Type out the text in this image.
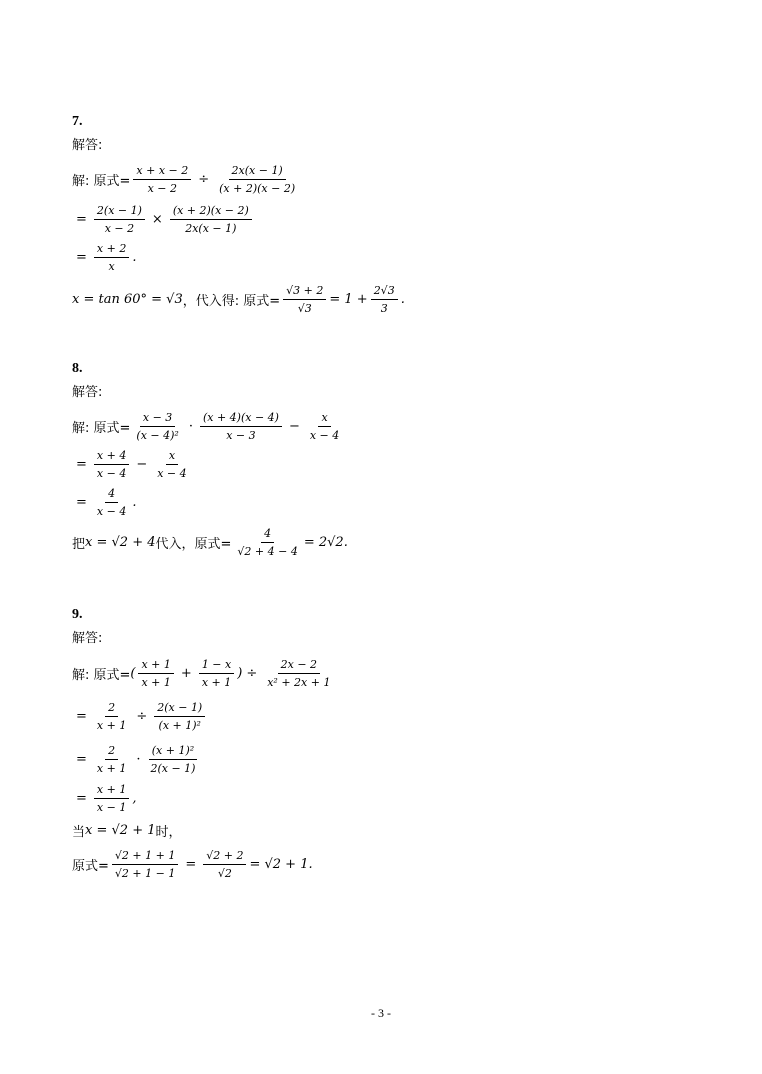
7.
解答:
解: 原式= $\frac{x + x - 2}{x - 2} \div \frac{2x(x - 1)}{(x + 2)(x - 2)}$
= $\frac{2(x - 1)}{x - 2} \times \frac{(x + 2)(x - 2)}{2x(x - 1)}$
= $\frac{x + 2}{x}$ .
x = tan 60° = √3 ，代入得: 原式= $\frac{√3 + 2}{√3} = 1 + \frac{2√3}{3}$ .
8.
解答:
解: 原式= $\frac{x - 3}{\text{(x − 4)²}} \cdot \frac{(x + 4)(x - 4)}{x - 3} - \frac{x}{x - 4}$
= $\frac{x + 4}{x - 4} - \frac{x}{x - 4}$
= $\frac{4}{x - 4}$ .
把 x = √2 + 4 代入，原式= $\frac{4}{√2 + 4 - 4} = 2√2$.
9.
解答:
解: 原式= ( $\frac{x + 1}{x + 1} + \frac{1 - x}{x + 1}$ ) ÷ $\frac{2x - 2}{\text{x² + 2x + 1}}$
= $\frac{2}{x + 1} \div \frac{2(x - 1)}{\text{(x + 1)²}}$
= $\frac{2}{x + 1} \cdot \frac{\text{(x + 1)²}}{2(x - 1)}$
= $\frac{x + 1}{x - 1}$ ,
当 x = √2 + 1 时，
原式= $\frac{√2 + 1 + 1}{√2 + 1 - 1} = \frac{√2 + 2}{√2} = √2 + 1$.
- 3 -
